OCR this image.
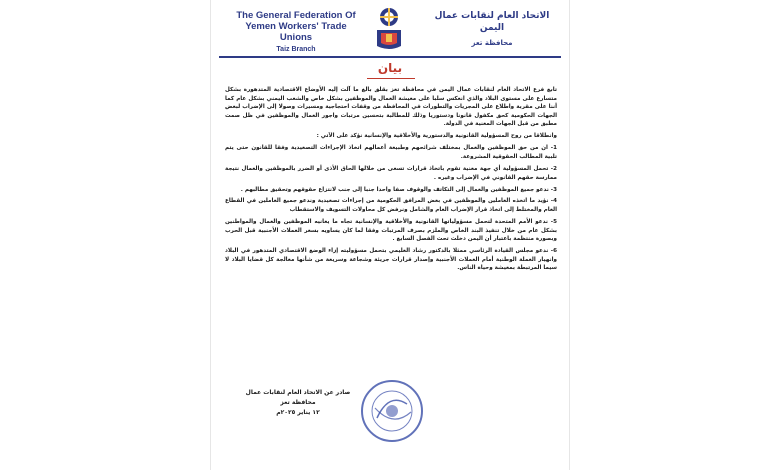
The General Federation Of Yemen Workers' Trade Unions
Taiz Branch
الاتحاد العام لنقابات عمال اليمن
محافظة تعز
بيان

تابع فرع الاتحاد العام لنقابات عمال اليمن في محافظة تعز بقلق بالغ ما آلت إليه الأوضاع الاقتصادية المتدهورة بشكل متسارع على مستوى البلاد والذي انعكس سلبا على معيشة العمال والموظفين بشكل خاص والشعب اليمني بشكل عام كما أننا على مقربة واطلاع على المجريات والتطورات في المحافظة من وقفات احتجاجية ومسيرات وصولا إلى الإضراب لبعض الجهات الحكومية كحق مكفول قانونا ودستوريا وذلك للمطالبة بتحسين مرتبات واجور العمال والموظفين في ظل صمت مطبق من قبل الجهات المعنية في الدولة.

وانطلاقا من روح المسؤولية القانونية والدستورية والأخلاقية والإنسانية نؤكد على الآتي :

1- ان من حق الموظفين والعمال بمختلف شرائحهم وطبيعة أعمالهم اتخاذ الإجراءات التصعيدية وفقا للقانون حتى يتم تلبية المطالب الحقوقية المشروعة.

2- تحمل المسؤولية أي جهة معنية تقوم باتخاذ قرارات تسعى من خلالها الحاق الأذى أو الضرر بالموظفين والعمال نتيجة ممارسة حقهم القانوني في الإضراب وغيره .

3- ندعو جميع الموظفين والعمال إلى التكاتف والوقوف صفا واحدا جنبا إلى جنب لانتزاع حقوقهم وتحقيق مطالبهم .

4- نؤيد ما اتخذه العاملين والموظفين في بعض المرافق الحكومية من إجراءات تصعيدية وندعو جميع العاملين في القطاع العام والمختلط إلى اتخاذ قرار الإضراب العام والشامل ونرفض كل محاولات التسويف والاستقطاب

5- ندعو الأمم المتحدة لتحمل مسؤولياتها القانونية والأخلاقية والإنسانية تجاه ما يعانيه الموظفين والعمال والمواطنين بشكل عام من خلال تنفيذ البند الخاص والملزم بصرف المرتبات وفقا لما كان يساويه بسعر العملات الأجنبية قبل الحرب وبصورة منتظمة باعتبار أن اليمن دخلت تحت الفصل السابع .

6- ندعو مجلس القيادة الرئاسي ممثلا بالدكتور رشاد العليمي بتحمل مسؤوليته إزاء الوضع الاقتصادي المتدهور في البلاد وانهيار العملة الوطنية أمام العملات الأجنبية وإصدار قرارات جريئة وشجاعة وسريعة من شأنها معالجة كل قضايا البلاد لا سيما المرتبطة بمعيشة وحياة الناس.

صادر عن الاتحاد العام لنقابات عمال
محافظة تعز
١٢ يناير ٢٠٢٥م
